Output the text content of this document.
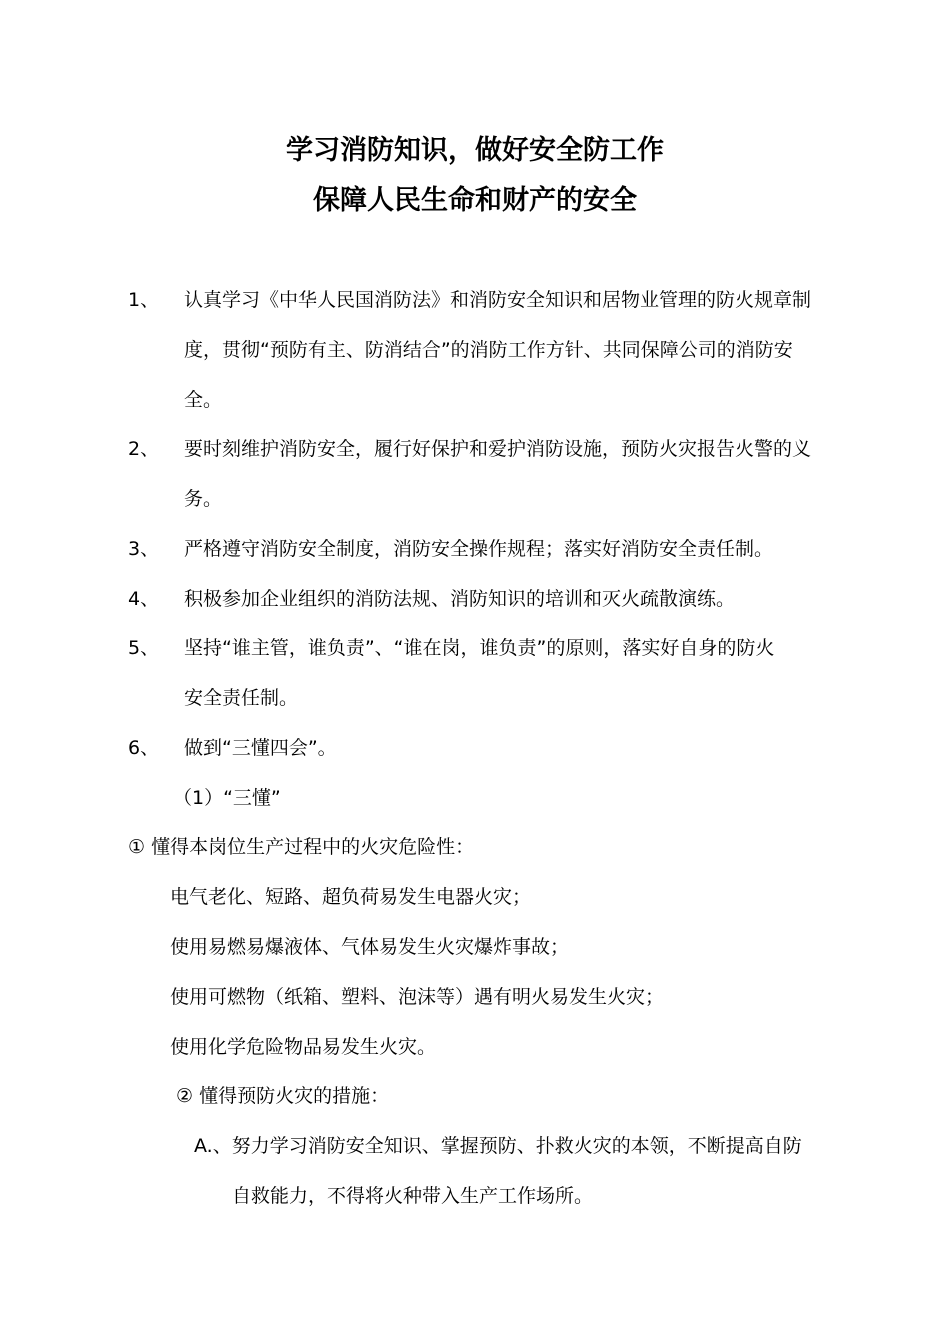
学习消防知识，做好安全防工作
保障人民生命和财产的安全
1、 认真学习《中华人民国消防法》和消防安全知识和居物业管理的防火规章制
度，贯彻“预防有主、防消结合”的消防工作方针、共同保障公司的消防安
全。
2、 要时刻维护消防安全，履行好保护和爱护消防设施，预防火灾报告火警的义
务。
3、 严格遵守消防安全制度，消防安全操作规程；落实好消防安全责任制。
4、 积极参加企业组织的消防法规、消防知识的培训和灭火疏散演练。
5、 坚持“谁主管，谁负责”、“谁在岗，谁负责”的原则，落实好自身的防火
安全责任制。
6、 做到“三懂四会”。
（1）“三懂”
① 懂得本岗位生产过程中的火灾危险性：
电气老化、短路、超负荷易发生电器火灾；
使用易燃易爆液体、气体易发生火灾爆炸事故；
使用可燃物（纸箱、塑料、泡沫等）遇有明火易发生火灾；
使用化学危险物品易发生火灾。
② 懂得预防火灾的措施：
A.、努力学习消防安全知识、掌握预防、扑救火灾的本领，不断提高自防
自救能力，不得将火种带入生产工作场所。
